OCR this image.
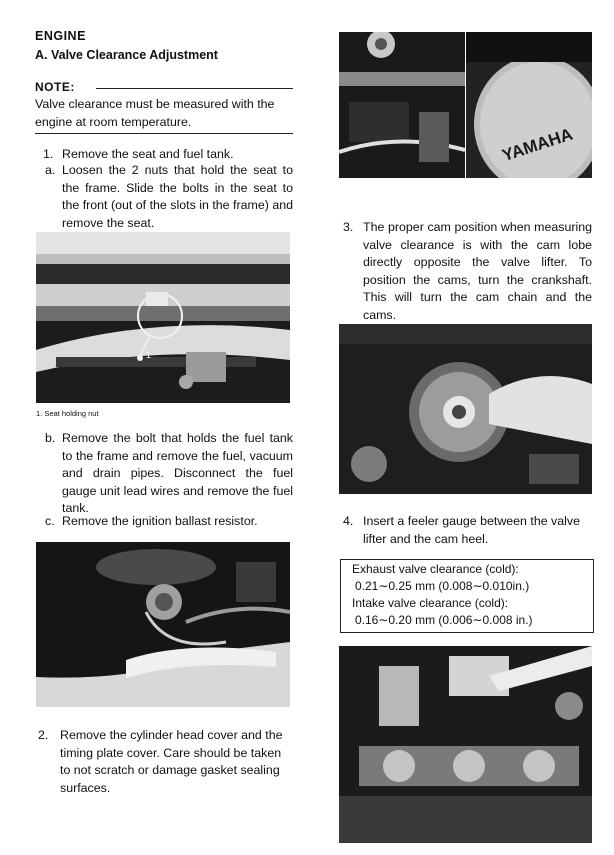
ENGINE
A. Valve Clearance Adjustment
NOTE:
Valve clearance must be measured with the engine at room temperature.
1. Remove the seat and fuel tank.
a. Loosen the 2 nuts that hold the seat to the frame. Slide the bolts in the seat to the front (out of the slots in the frame) and remove the seat.
1
1. Seat holding nut
b. Remove the bolt that holds the fuel tank to the frame and remove the fuel, vacuum and drain pipes. Disconnect the fuel gauge unit lead wires and remove the fuel tank.
c. Remove the ignition ballast resistor.
2. Remove the cylinder head cover and the timing plate cover. Care should be taken to not scratch or damage gasket sealing surfaces.
YAMAHA
3. The proper cam position when measuring valve clearance is with the cam lobe directly opposite the valve lifter. To position the cams, turn the crankshaft. This will turn the cam chain and the cams.
4. Insert a feeler gauge between the valve lifter and the cam heel.
Exhaust valve clearance (cold):
0.21∼0.25 mm (0.008∼0.010in.)
Intake valve clearance (cold):
0.16∼0.20 mm (0.006∼0.008 in.)
